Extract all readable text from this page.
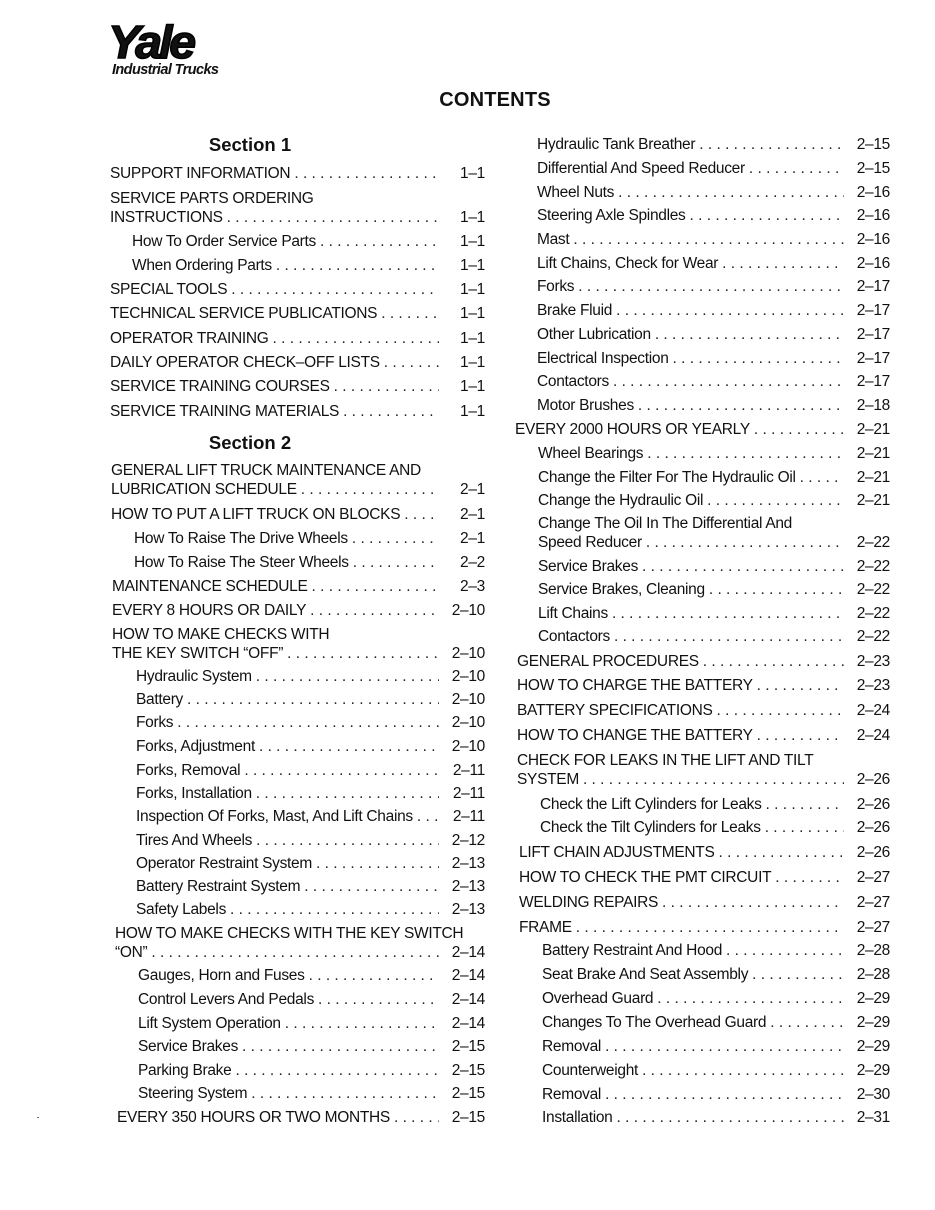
Yale
Industrial Trucks
CONTENTS
Section 1
Section 2
SUPPORT INFORMATION . . .	1–1
SERVICE PARTS ORDERING
INSTRUCTIONS . . .	1–1
How To Order Service Parts . . .	1–1
When Ordering Parts . . .	1–1
SPECIAL TOOLS . . .	1–1
TECHNICAL SERVICE PUBLICATIONS . . .	1–1
OPERATOR TRAINING . . .	1–1
DAILY OPERATOR CHECK–OFF LISTS . . .	1–1
SERVICE TRAINING COURSES . . .	1–1
SERVICE TRAINING MATERIALS . . .	1–1
GENERAL LIFT TRUCK MAINTENANCE AND
LUBRICATION SCHEDULE . . .	2–1
HOW TO PUT A LIFT TRUCK ON BLOCKS . . .	2–1
How To Raise The Drive Wheels . . .	2–1
How To Raise The Steer Wheels . . .	2–2
MAINTENANCE SCHEDULE . . .	2–3
EVERY 8 HOURS OR DAILY . . .	2–10
HOW TO MAKE CHECKS WITH
THE KEY SWITCH “OFF” . . .	2–10
Hydraulic System . . .	2–10
Battery . . .	2–10
Forks . . .	2–10
Forks, Adjustment . . .	2–10
Forks, Removal . . .	2–11
Forks, Installation . . .	2–11
Inspection Of Forks, Mast, And Lift Chains . . .	2–11
Tires And Wheels . . .	2–12
Operator Restraint System . . .	2–13
Battery Restraint System . . .	2–13
Safety Labels . . .	2–13
HOW TO MAKE CHECKS WITH THE KEY SWITCH
“ON” . . .	2–14
Gauges, Horn and Fuses . . .	2–14
Control Levers And Pedals . . .	2–14
Lift System Operation . . .	2–14
Service Brakes . . .	2–15
Parking Brake . . .	2–15
Steering System . . .	2–15
EVERY 350 HOURS OR TWO MONTHS . . .	2–15
Hydraulic Tank Breather . . .	2–15
Differential And Speed Reducer . . .	2–15
Wheel Nuts . . .	2–16
Steering Axle Spindles . . .	2–16
Mast . . .	2–16
Lift Chains, Check for Wear . . .	2–16
Forks . . .	2–17
Brake Fluid . . .	2–17
Other Lubrication . . .	2–17
Electrical Inspection . . .	2–17
Contactors . . .	2–17
Motor Brushes . . .	2–18
EVERY 2000 HOURS OR YEARLY . . .	2–21
Wheel Bearings . . .	2–21
Change the Filter For The Hydraulic Oil . . .	2–21
Change the Hydraulic Oil . . .	2–21
Change The Oil In The Differential And
Speed Reducer . . .	2–22
Service Brakes . . .	2–22
Service Brakes, Cleaning . . .	2–22
Lift Chains . . .	2–22
Contactors . . .	2–22
GENERAL PROCEDURES . . .	2–23
HOW TO CHARGE THE BATTERY . . .	2–23
BATTERY SPECIFICATIONS . . .	2–24
HOW TO CHANGE THE BATTERY . . .	2–24
CHECK FOR LEAKS IN THE LIFT AND TILT
SYSTEM . . .	2–26
Check the Lift Cylinders for Leaks . . .	2–26
Check the Tilt Cylinders for Leaks . . .	2–26
LIFT CHAIN ADJUSTMENTS . . .	2–26
HOW TO CHECK THE PMT CIRCUIT . . .	2–27
WELDING REPAIRS . . .	2–27
FRAME . . .	2–27
Battery Restraint And Hood . . .	2–28
Seat Brake And Seat Assembly . . .	2–28
Overhead Guard . . .	2–29
Changes To The Overhead Guard . . .	2–29
Removal . . .	2–29
Counterweight . . .	2–29
Removal . . .	2–30
Installation . . .	2–31
